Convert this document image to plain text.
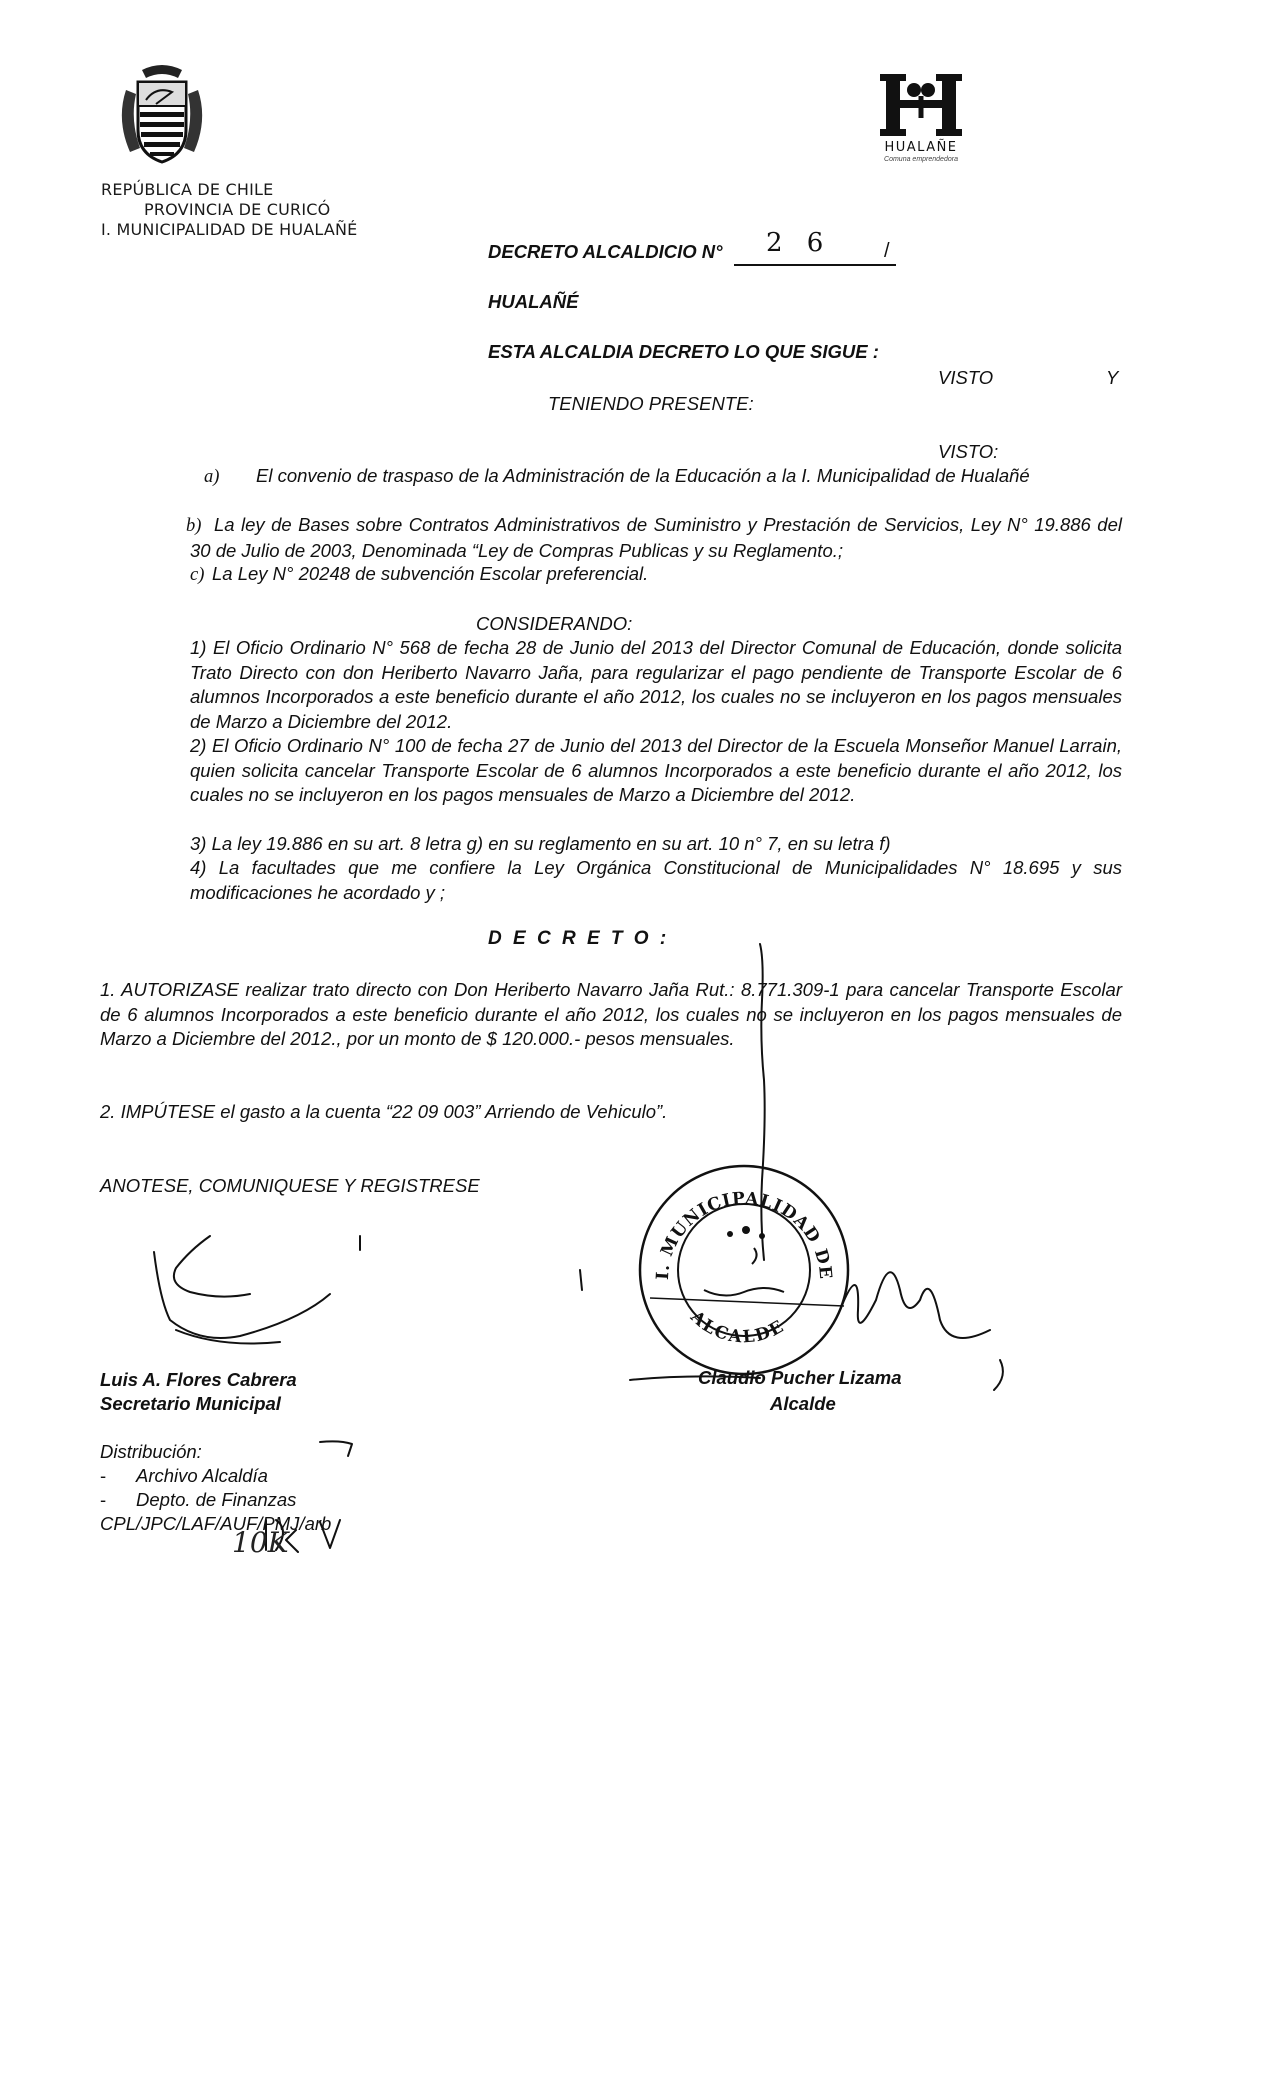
REPÚBLICA DE CHILE
PROVINCIA DE CURICÓ
I. MUNICIPALIDAD DE HUALAÑÉ
HUALAÑE
Comuna emprendedora
DECRETO ALCALDICIO N° 2 6	/
HUALAÑÉ
ESTA ALCALDIA DECRETO LO QUE SIGUE :
VISTO	Y
TENIENDO PRESENTE:
VISTO:
a) El convenio de traspaso de la Administración de la Educación a la I. Municipalidad de Hualañé
b) La ley de Bases sobre Contratos Administrativos de Suministro y Prestación de Servicios, Ley N° 19.886 del 30 de Julio de 2003, Denominada “Ley de Compras Publicas y su Reglamento.;
c) La Ley N° 20248 de subvención Escolar preferencial.
CONSIDERANDO:
1) El Oficio Ordinario N° 568 de fecha 28 de Junio del 2013 del Director Comunal de Educación, donde solicita Trato Directo con don Heriberto Navarro Jaña, para regularizar el pago pendiente de Transporte Escolar de 6 alumnos Incorporados a este beneficio durante el año 2012, los cuales no se incluyeron en los pagos mensuales de Marzo a Diciembre del 2012.
2) El Oficio Ordinario N° 100 de fecha 27 de Junio del 2013 del Director de la Escuela Monseñor Manuel Larrain, quien solicita cancelar Transporte Escolar de 6 alumnos Incorporados a este beneficio durante el año 2012, los cuales no se incluyeron en los pagos mensuales de Marzo a Diciembre del 2012.
3) La ley 19.886 en su art. 8 letra g) en su reglamento en su art. 10 n° 7, en su letra f)
4) La facultades que me confiere la Ley Orgánica Constitucional de Municipalidades N° 18.695 y sus modificaciones he acordado y ;
D E C R E T O :
1. AUTORIZASE realizar trato directo con Don Heriberto Navarro Jaña Rut.: 8.771.309-1 para cancelar Transporte Escolar de 6 alumnos Incorporados a este beneficio durante el año 2012, los cuales no se incluyeron en los pagos mensuales de Marzo a Diciembre del 2012., por un monto de $ 120.000.- pesos mensuales.
2. IMPÚTESE el gasto a la cuenta “22 09 003” Arriendo de Vehiculo”.
ANOTESE, COMUNIQUESE Y REGISTRESE
I. MUNICIPALIDAD DE
ALCALDE
Luis A. Flores Cabrera
Secretario Municipal
Claudio Pucher Lizama
Alcalde
Distribución:
- Archivo Alcaldía
- Depto. de Finanzas
CPL/JPC/LAF/AUF/PMJ/arb
10K
